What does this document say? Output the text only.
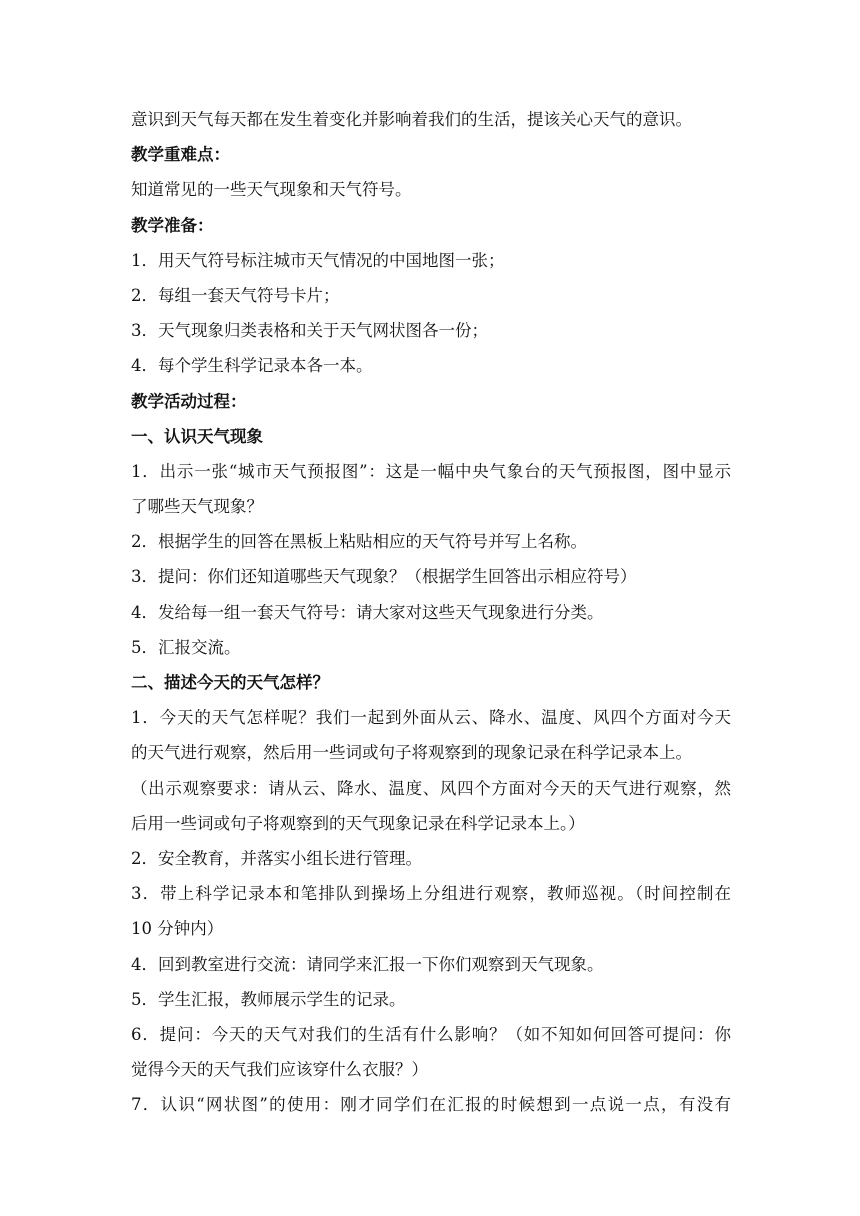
意识到天气每天都在发生着变化并影响着我们的生活，提该关心天气的意识。
教学重难点：
知道常见的一些天气现象和天气符号。
教学准备：
1．用天气符号标注城市天气情况的中国地图一张；
2．每组一套天气符号卡片；
3．天气现象归类表格和关于天气网状图各一份；
4．每个学生科学记录本各一本。
教学活动过程：
一、认识天气现象
1．出示一张“城市天气预报图”：这是一幅中央气象台的天气预报图，图中显示
了哪些天气现象？
2．根据学生的回答在黑板上粘贴相应的天气符号并写上名称。
3．提问：你们还知道哪些天气现象？（根据学生回答出示相应符号）
4．发给每一组一套天气符号：请大家对这些天气现象进行分类。
5．汇报交流。
二、描述今天的天气怎样？
1．今天的天气怎样呢？我们一起到外面从云、降水、温度、风四个方面对今天
的天气进行观察，然后用一些词或句子将观察到的现象记录在科学记录本上。
（出示观察要求：请从云、降水、温度、风四个方面对今天的天气进行观察，然
后用一些词或句子将观察到的天气现象记录在科学记录本上。）
2．安全教育，并落实小组长进行管理。
3．带上科学记录本和笔排队到操场上分组进行观察，教师巡视。（时间控制在
10 分钟内）
4．回到教室进行交流：请同学来汇报一下你们观察到天气现象。
5．学生汇报，教师展示学生的记录。
6．提问：今天的天气对我们的生活有什么影响？（如不知如何回答可提问：你
觉得今天的天气我们应该穿什么衣服？）
7．认识“网状图”的使用：刚才同学们在汇报的时候想到一点说一点，有没有
